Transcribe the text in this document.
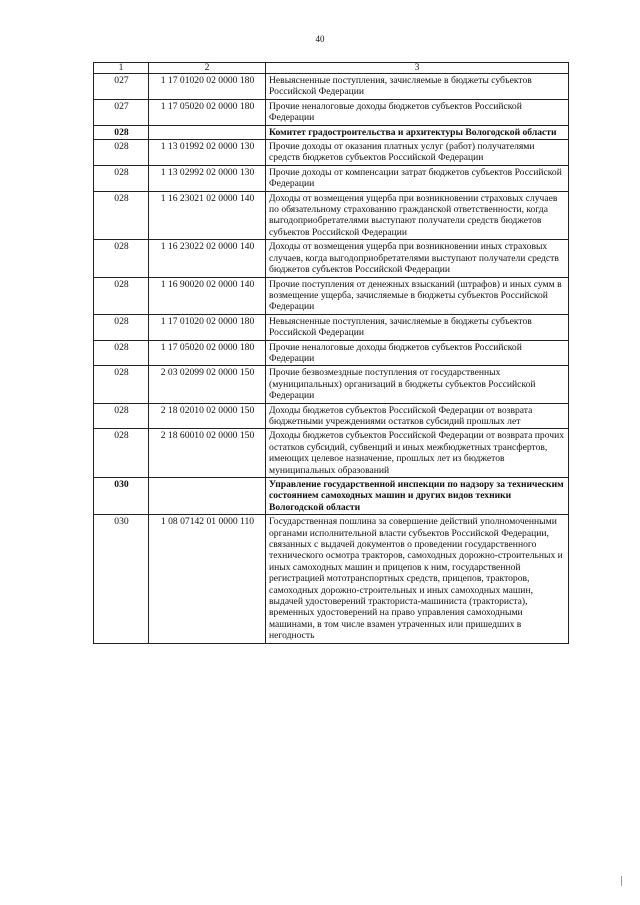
40
1	2	3
027	1 17 01020 02 0000 180	Невыясненные поступления, зачисляемые в бюджеты субъектов Российской Федерации
027	1 17 05020 02 0000 180	Прочие неналоговые доходы бюджетов субъектов Российской Федерации
028		Комитет градостроительства и архитектуры Вологодской области
028	1 13 01992 02 0000 130	Прочие доходы от оказания платных услуг (работ) получателями средств бюджетов субъектов Российской Федерации
028	1 13 02992 02 0000 130	Прочие доходы от компенсации затрат бюджетов субъектов Российской Федерации
028	1 16 23021 02 0000 140	Доходы от возмещения ущерба при возникновении страховых случаев по обязательному страхованию гражданской ответственности, когда выгодоприобретателями выступают получатели средств бюджетов субъектов Российской Федерации
028	1 16 23022 02 0000 140	Доходы от возмещения ущерба при возникновении иных страховых случаев, когда выгодоприобретателями выступают получатели средств бюджетов субъектов Российской Федерации
028	1 16 90020 02 0000 140	Прочие поступления от денежных взысканий (штрафов) и иных сумм в возмещение ущерба, зачисляемые в бюджеты субъектов Российской Федерации
028	1 17 01020 02 0000 180	Невыясненные поступления, зачисляемые в бюджеты субъектов Российской Федерации
028	1 17 05020 02 0000 180	Прочие неналоговые доходы бюджетов субъектов Российской Федерации
028	2 03 02099 02 0000 150	Прочие безвозмездные поступления от государственных (муниципальных) организаций в бюджеты субъектов Российской Федерации
028	2 18 02010 02 0000 150	Доходы бюджетов субъектов Российской Федерации от возврата бюджетными учреждениями остатков субсидий прошлых лет
028	2 18 60010 02 0000 150	Доходы бюджетов субъектов Российской Федерации от возврата прочих остатков субсидий, субвенций и иных межбюджетных трансфертов, имеющих целевое назначение, прошлых лет из бюджетов муниципальных образований
030		Управление государственной инспекции по надзору за техническим состоянием самоходных машин и других видов техники Вологодской области
030	1 08 07142 01 0000 110	Государственная пошлина за совершение действий уполномоченными органами исполнительной власти субъектов Российской Федерации, связанных с выдачей документов о проведении государственного технического осмотра тракторов, самоходных дорожно-строительных и иных самоходных машин и прицепов к ним, государственной регистрацией мототранспортных средств, прицепов, тракторов, самоходных дорожно-строительных и иных самоходных машин, выдачей удостоверений тракториста-машиниста (тракториста), временных удостоверений на право управления самоходными машинами, в том числе взамен утраченных или пришедших в негодность
